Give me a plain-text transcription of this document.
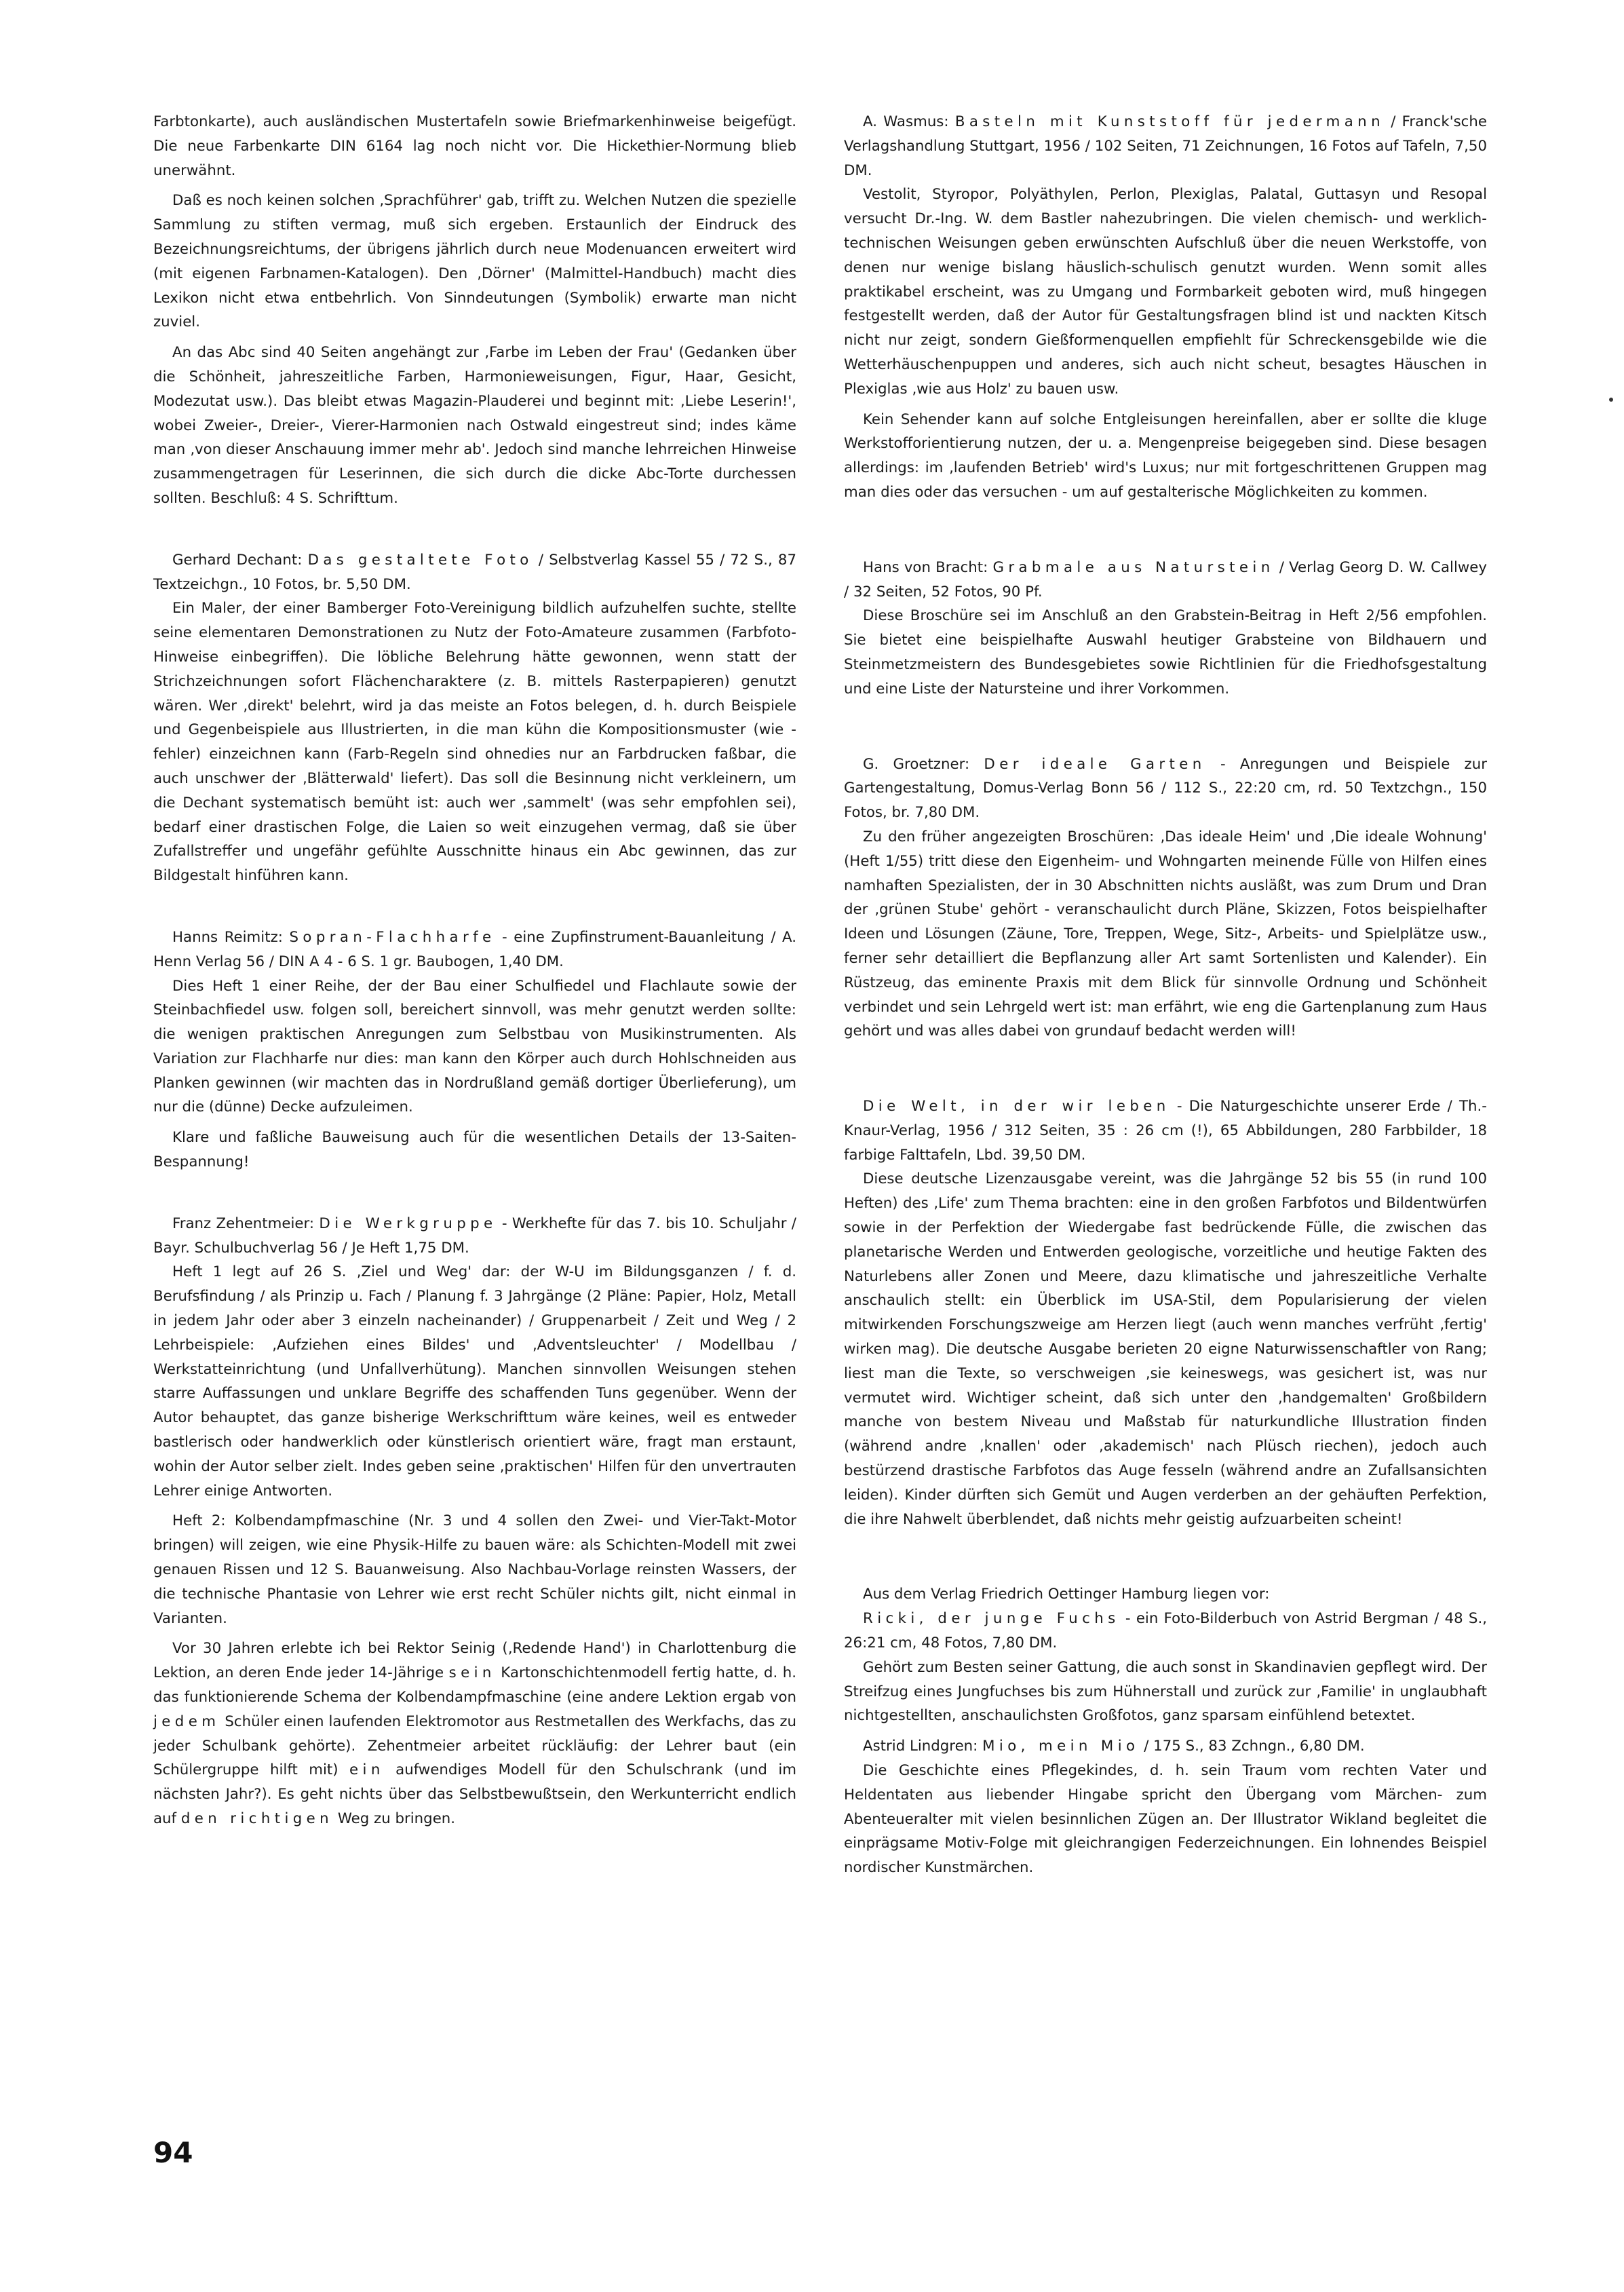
Farbtonkarte), auch ausländischen Mustertafeln sowie Briefmarkenhinweise beigefügt. Die neue Farbenkarte DIN 6164 lag noch nicht vor. Die Hickethier-Normung blieb unerwähnt.

Daß es noch keinen solchen ‚Sprachführer' gab, trifft zu. Welchen Nutzen die spezielle Sammlung zu stiften vermag, muß sich ergeben. Erstaunlich der Eindruck des Bezeichnungsreichtums, der übrigens jährlich durch neue Modenuancen erweitert wird (mit eigenen Farbnamen-Katalogen). Den ‚Dörner' (Malmittel-Handbuch) macht dies Lexikon nicht etwa entbehrlich. Von Sinndeutungen (Symbolik) erwarte man nicht zuviel.

An das Abc sind 40 Seiten angehängt zur ‚Farbe im Leben der Frau' (Gedanken über die Schönheit, jahreszeitliche Farben, Harmonieweisungen, Figur, Haar, Gesicht, Modezutat usw.). Das bleibt etwas Magazin-Plauderei und beginnt mit: ‚Liebe Leserin!', wobei Zweier-, Dreier-, Vierer-Harmonien nach Ostwald eingestreut sind; indes käme man ‚von dieser Anschauung immer mehr ab'. Jedoch sind manche lehrreichen Hinweise zusammengetragen für Leserinnen, die sich durch die dicke Abc-Torte durchessen sollten. Beschluß: 4 S. Schrifttum.

Gerhard Dechant: Das gestaltete Foto / Selbstverlag Kassel 55 / 72 S., 87 Textzeichgn., 10 Fotos, br. 5,50 DM.

Ein Maler, der einer Bamberger Foto-Vereinigung bildlich aufzuhelfen suchte, stellte seine elementaren Demonstrationen zu Nutz der Foto-Amateure zusammen (Farbfoto-Hinweise einbegriffen). Die löbliche Belehrung hätte gewonnen, wenn statt der Strichzeichnungen sofort Flächencharaktere (z. B. mittels Rasterpapieren) genutzt wären. Wer ‚direkt' belehrt, wird ja das meiste an Fotos belegen, d. h. durch Beispiele und Gegenbeispiele aus Illustrierten, in die man kühn die Kompositionsmuster (wie -fehler) einzeichnen kann (Farb-Regeln sind ohnedies nur an Farbdrucken faßbar, die auch unschwer der ‚Blätterwald' liefert). Das soll die Besinnung nicht verkleinern, um die Dechant systematisch bemüht ist: auch wer ‚sammelt' (was sehr empfohlen sei), bedarf einer drastischen Folge, die Laien so weit einzugehen vermag, daß sie über Zufallstreffer und ungefähr gefühlte Ausschnitte hinaus ein Abc gewinnen, das zur Bildgestalt hinführen kann.

Hanns Reimitz: Sopran-Flachharfe - eine Zupfinstrument-Bauanleitung / A. Henn Verlag 56 / DIN A 4 - 6 S. 1 gr. Baubogen, 1,40 DM.

Dies Heft 1 einer Reihe, der der Bau einer Schulfiedel und Flachlaute sowie der Steinbachfiedel usw. folgen soll, bereichert sinnvoll, was mehr genutzt werden sollte: die wenigen praktischen Anregungen zum Selbstbau von Musikinstrumenten. Als Variation zur Flachharfe nur dies: man kann den Körper auch durch Hohlschneiden aus Planken gewinnen (wir machten das in Nordrußland gemäß dortiger Überlieferung), um nur die (dünne) Decke aufzuleimen.

Klare und faßliche Bauweisung auch für die wesentlichen Details der 13-Saiten-Bespannung!

Franz Zehentmeier: Die Werkgruppe - Werkhefte für das 7. bis 10. Schuljahr / Bayr. Schulbuchverlag 56 / Je Heft 1,75 DM.

Heft 1 legt auf 26 S. ‚Ziel und Weg' dar: der W-U im Bildungsganzen / f. d. Berufsfindung / als Prinzip u. Fach / Planung f. 3 Jahrgänge (2 Pläne: Papier, Holz, Metall in jedem Jahr oder aber 3 einzeln nacheinander) / Gruppenarbeit / Zeit und Weg / 2 Lehrbeispiele: ‚Aufziehen eines Bildes' und ‚Adventsleuchter' / Modellbau / Werkstatteinrichtung (und Unfallverhütung). Manchen sinnvollen Weisungen stehen starre Auffassungen und unklare Begriffe des schaffenden Tuns gegenüber. Wenn der Autor behauptet, das ganze bisherige Werkschrifttum wäre keines, weil es entweder bastlerisch oder handwerklich oder künstlerisch orientiert wäre, fragt man erstaunt, wohin der Autor selber zielt. Indes geben seine ‚praktischen' Hilfen für den unvertrauten Lehrer einige Antworten.

Heft 2: Kolbendampfmaschine (Nr. 3 und 4 sollen den Zwei- und Vier-Takt-Motor bringen) will zeigen, wie eine Physik-Hilfe zu bauen wäre: als Schichten-Modell mit zwei genauen Rissen und 12 S. Bauanweisung. Also Nachbau-Vorlage reinsten Wassers, der die technische Phantasie von Lehrer wie erst recht Schüler nichts gilt, nicht einmal in Varianten.

Vor 30 Jahren erlebte ich bei Rektor Seinig (‚Redende Hand') in Charlottenburg die Lektion, an deren Ende jeder 14-Jährige sein Kartonschichtenmodell fertig hatte, d. h. das funktionierende Schema der Kolbendampfmaschine (eine andere Lektion ergab von jedem Schüler einen laufenden Elektromotor aus Restmetallen des Werkfachs, das zu jeder Schulbank gehörte). Zehentmeier arbeitet rückläufig: der Lehrer baut (ein Schülergruppe hilft mit) ein aufwendiges Modell für den Schulschrank (und im nächsten Jahr?). Es geht nichts über das Selbstbewußtsein, den Werkunterricht endlich auf den richtigen Weg zu bringen.

A. Wasmus: Basteln mit Kunststoff für jedermann / Franck'sche Verlagshandlung Stuttgart, 1956 / 102 Seiten, 71 Zeichnungen, 16 Fotos auf Tafeln, 7,50 DM.

Vestolit, Styropor, Polyäthylen, Perlon, Plexiglas, Palatal, Guttasyn und Resopal versucht Dr.-Ing. W. dem Bastler nahezubringen. Die vielen chemisch- und werklich-technischen Weisungen geben erwünschten Aufschluß über die neuen Werkstoffe, von denen nur wenige bislang häuslich-schulisch genutzt wurden. Wenn somit alles praktikabel erscheint, was zu Umgang und Formbarkeit geboten wird, muß hingegen festgestellt werden, daß der Autor für Gestaltungsfragen blind ist und nackten Kitsch nicht nur zeigt, sondern Gießformenquellen empfiehlt für Schreckensgebilde wie die Wetterhäuschenpuppen und anderes, sich auch nicht scheut, besagtes Häuschen in Plexiglas ‚wie aus Holz' zu bauen usw.

Kein Sehender kann auf solche Entgleisungen hereinfallen, aber er sollte die kluge Werkstofforientierung nutzen, der u. a. Mengenpreise beigegeben sind. Diese besagen allerdings: im ‚laufenden Betrieb' wird's Luxus; nur mit fortgeschrittenen Gruppen mag man dies oder das versuchen - um auf gestalterische Möglichkeiten zu kommen.

Hans von Bracht: Grabmale aus Naturstein / Verlag Georg D. W. Callwey / 32 Seiten, 52 Fotos, 90 Pf.

Diese Broschüre sei im Anschluß an den Grabstein-Beitrag in Heft 2/56 empfohlen. Sie bietet eine beispielhafte Auswahl heutiger Grabsteine von Bildhauern und Steinmetzmeistern des Bundesgebietes sowie Richtlinien für die Friedhofsgestaltung und eine Liste der Natursteine und ihrer Vorkommen.

G. Groetzner: Der ideale Garten - Anregungen und Beispiele zur Gartengestaltung, Domus-Verlag Bonn 56 / 112 S., 22:20 cm, rd. 50 Textzchgn., 150 Fotos, br. 7,80 DM.

Zu den früher angezeigten Broschüren: ‚Das ideale Heim' und ‚Die ideale Wohnung' (Heft 1/55) tritt diese den Eigenheim- und Wohngarten meinende Fülle von Hilfen eines namhaften Spezialisten, der in 30 Abschnitten nichts ausläßt, was zum Drum und Dran der ‚grünen Stube' gehört - veranschaulicht durch Pläne, Skizzen, Fotos beispielhafter Ideen und Lösungen (Zäune, Tore, Treppen, Wege, Sitz-, Arbeits- und Spielplätze usw., ferner sehr detailliert die Bepflanzung aller Art samt Sortenlisten und Kalender). Ein Rüstzeug, das eminente Praxis mit dem Blick für sinnvolle Ordnung und Schönheit verbindet und sein Lehrgeld wert ist: man erfährt, wie eng die Gartenplanung zum Haus gehört und was alles dabei von grundauf bedacht werden will!

Die Welt, in der wir leben - Die Naturgeschichte unserer Erde / Th.-Knaur-Verlag, 1956 / 312 Seiten, 35 : 26 cm (!), 65 Abbildungen, 280 Farbbilder, 18 farbige Falttafeln, Lbd. 39,50 DM.

Diese deutsche Lizenzausgabe vereint, was die Jahrgänge 52 bis 55 (in rund 100 Heften) des ‚Life' zum Thema brachten: eine in den großen Farbfotos und Bildentwürfen sowie in der Perfektion der Wiedergabe fast bedrückende Fülle, die zwischen das planetarische Werden und Entwerden geologische, vorzeitliche und heutige Fakten des Naturlebens aller Zonen und Meere, dazu klimatische und jahreszeitliche Verhalte anschaulich stellt: ein Überblick im USA-Stil, dem Popularisierung der vielen mitwirkenden Forschungszweige am Herzen liegt (auch wenn manches verfrüht ‚fertig' wirken mag). Die deutsche Ausgabe berieten 20 eigne Naturwissenschaftler von Rang; liest man die Texte, so verschweigen ‚sie keineswegs, was gesichert ist, was nur vermutet wird. Wichtiger scheint, daß sich unter den ‚handgemalten' Großbildern manche von bestem Niveau und Maßstab für naturkundliche Illustration finden (während andre ‚knallen' oder ‚akademisch' nach Plüsch riechen), jedoch auch bestürzend drastische Farbfotos das Auge fesseln (während andre an Zufallsansichten leiden). Kinder dürften sich Gemüt und Augen verderben an der gehäuften Perfektion, die ihre Nahwelt überblendet, daß nichts mehr geistig aufzuarbeiten scheint!

Aus dem Verlag Friedrich Oettinger Hamburg liegen vor:

Ricki, der junge Fuchs - ein Foto-Bilderbuch von Astrid Bergman / 48 S., 26:21 cm, 48 Fotos, 7,80 DM.

Gehört zum Besten seiner Gattung, die auch sonst in Skandinavien gepflegt wird. Der Streifzug eines Jungfuchses bis zum Hühnerstall und zurück zur ‚Familie' in unglaubhaft nichtgestellten, anschaulichsten Großfotos, ganz sparsam einfühlend betextet.

Astrid Lindgren: Mio, mein Mio / 175 S., 83 Zchngn., 6,80 DM.

Die Geschichte eines Pflegekindes, d. h. sein Traum vom rechten Vater und Heldentaten aus liebender Hingabe spricht den Übergang vom Märchen- zum Abenteueralter mit vielen besinnlichen Zügen an. Der Illustrator Wikland begleitet die einprägsame Motiv-Folge mit gleichrangigen Federzeichnungen. Ein lohnendes Beispiel nordischer Kunstmärchen.

94
